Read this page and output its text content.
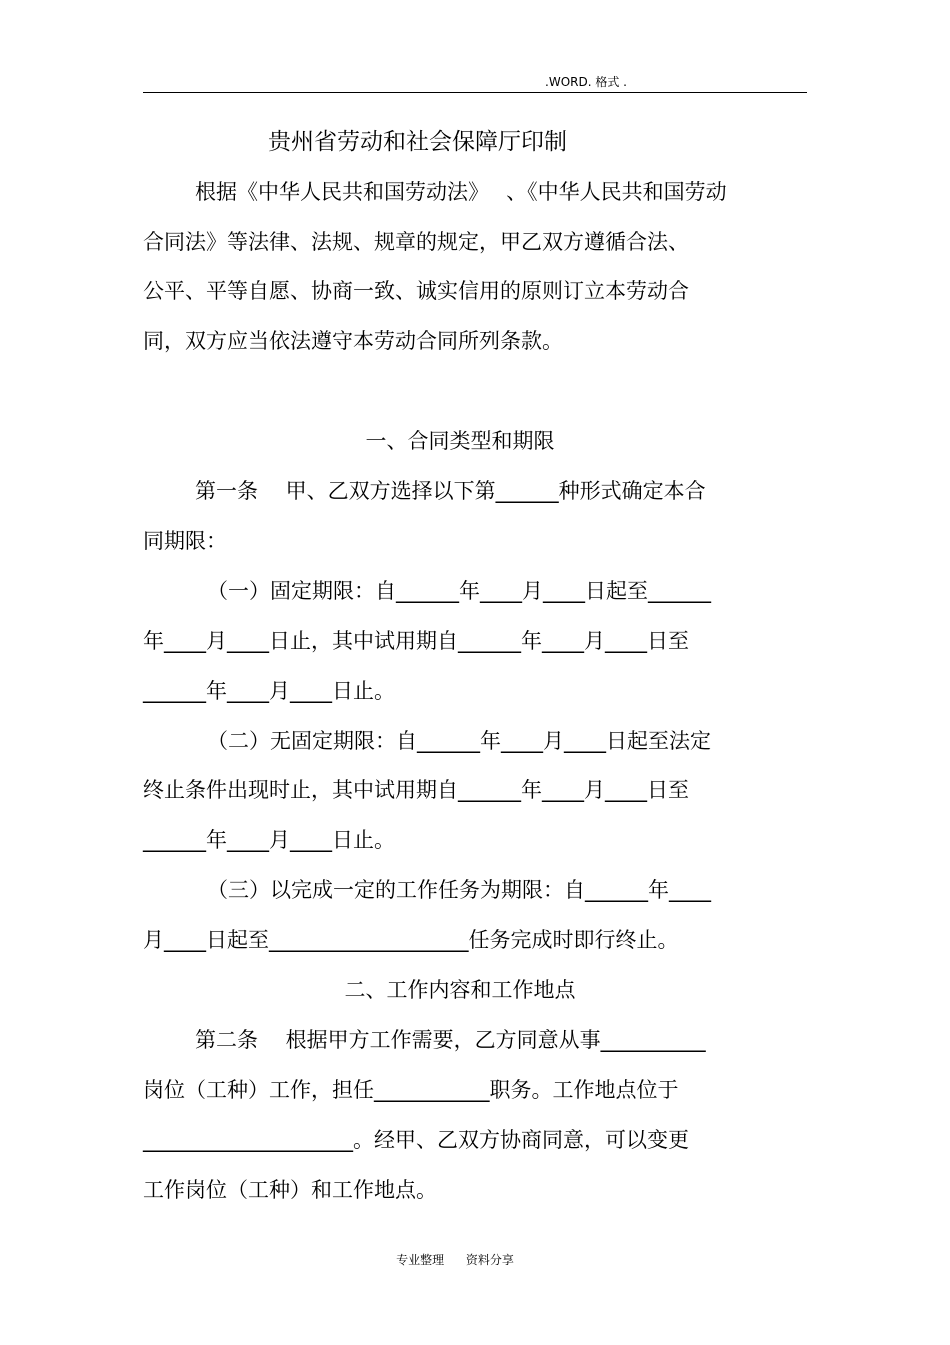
.WORD. 格式 .
贵州省劳动和社会保障厅印制
根据《中华人民共和国劳动法》　 、《中华人民共和国劳动
合同法》等法律、法规、规章的规定，甲乙双方遵循合法、
公平、平等自愿、协商一致、诚实信用的原则订立本劳动合
同，双方应当依法遵守本劳动合同所列条款。
一、合同类型和期限
第一条　 甲、乙双方选择以下第______种形式确定本合
同期限：
（一）固定期限：自______年____月____日起至______
年____月____日止，其中试用期自______年____月____日至
______年____月____日止。
（二）无固定期限：自______年____月____日起至法定
终止条件出现时止，其中试用期自______年____月____日至
______年____月____日止。
（三）以完成一定的工作任务为期限：自______年____
月____日起至___________________任务完成时即行终止。
二、工作内容和工作地点
第二条　 根据甲方工作需要，乙方同意从事__________
岗位（工种）工作，担任___________职务。工作地点位于
____________________。经甲、乙双方协商同意，可以变更
工作岗位（工种）和工作地点。
专业整理 资料分享
